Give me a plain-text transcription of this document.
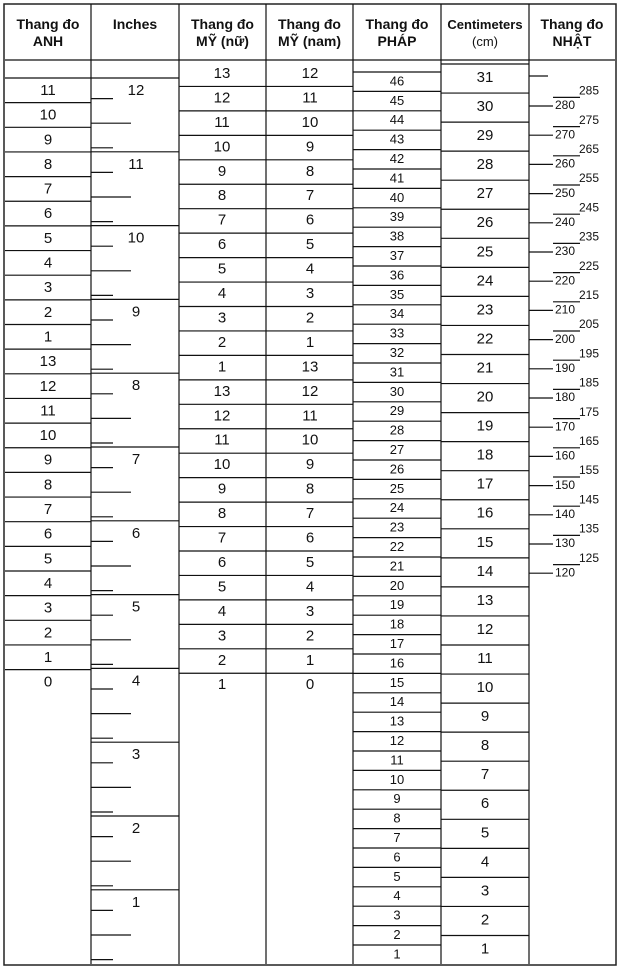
11
10
9
8
7
6
5
4
3
2
1
13
12
11
10
9
8
7
6
5
4
3
2
1
0
12
11
10
9
8
7
6
5
4
3
2
1
13
12
11
10
9
8
7
6
5
4
3
2
1
13
12
11
10
9
8
7
6
5
4
3
2
1
12
11
10
9
8
7
6
5
4
3
2
1
13
12
11
10
9
8
7
6
5
4
3
2
1
0
46
45
44
43
42
41
40
39
38
37
36
35
34
33
32
31
30
29
28
27
26
25
24
23
22
21
20
19
18
17
16
15
14
13
12
11
10
9
8
7
6
5
4
3
2
1
31
30
29
28
27
26
25
24
23
22
21
20
19
18
17
16
15
14
13
12
11
10
9
8
7
6
5
4
3
2
1
280
270
260
250
240
230
220
210
200
190
180
170
160
150
140
130
120
285
275
265
255
245
235
225
215
205
195
185
175
165
155
145
135
125
Thang đo
ANH
Inches Thang đo
MỸ (nữ)
Thang đo
MỸ (nam)
Thang đo
PHÁP
Centimeters
(cm)
Thang đo
NHẬT
